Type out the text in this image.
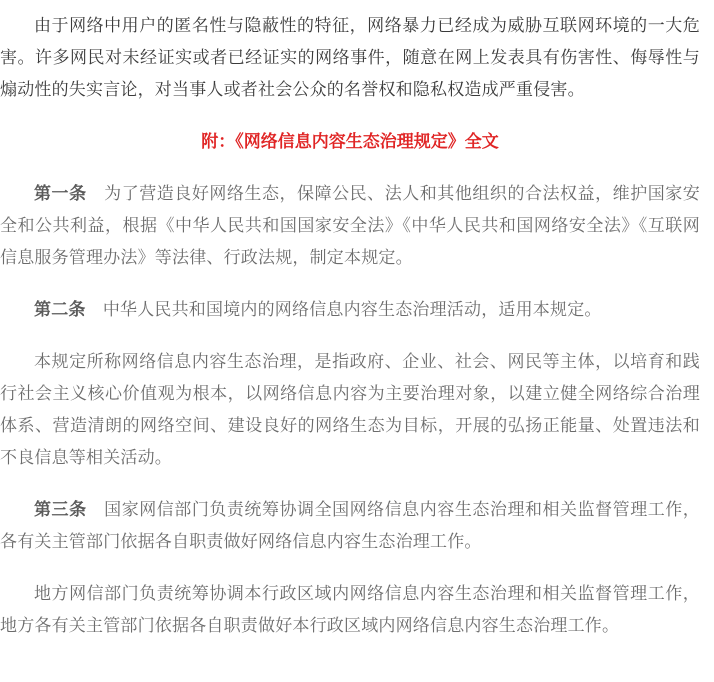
由于网络中用户的匿名性与隐蔽性的特征，网络暴力已经成为威胁互联网环境的一大危害。许多网民对未经证实或者已经证实的网络事件，随意在网上发表具有伤害性、侮辱性与煽动性的失实言论，对当事人或者社会公众的名誉权和隐私权造成严重侵害。

附：《网络信息内容生态治理规定》全文

第一条　 为了营造良好网络生态，保障公民、法人和其他组织的合法权益，维护国家安全和公共利益，根据《中华人民共和国国家安全法》《中华人民共和国网络安全法》《互联网信息服务管理办法》等法律、行政法规，制定本规定。

第二条　 中华人民共和国境内的网络信息内容生态治理活动，适用本规定。

本规定所称网络信息内容生态治理，是指政府、企业、社会、网民等主体，以培育和践行社会主义核心价值观为根本，以网络信息内容为主要治理对象，以建立健全网络综合治理体系、营造清朗的网络空间、建设良好的网络生态为目标，开展的弘扬正能量、处置违法和不良信息等相关活动。

第三条　 国家网信部门负责统筹协调全国网络信息内容生态治理和相关监督管理工作，各有关主管部门依据各自职责做好网络信息内容生态治理工作。

地方网信部门负责统筹协调本行政区域内网络信息内容生态治理和相关监督管理工作，地方各有关主管部门依据各自职责做好本行政区域内网络信息内容生态治理工作。
